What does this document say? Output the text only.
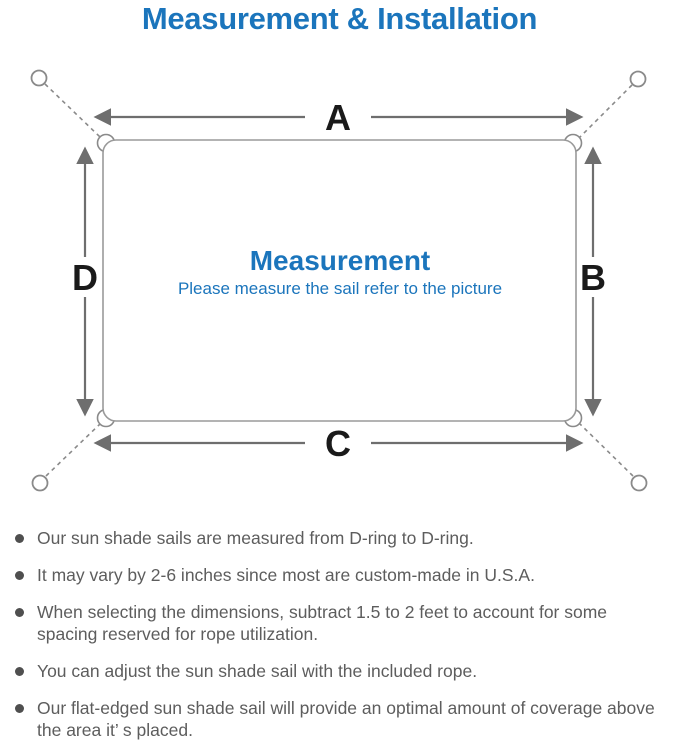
Measurement & Installation
A
B
C
D	Measurement
Please measure the sail refer to the picture
Our sun shade sails are measured from D-ring to D-ring.
It may vary by 2-6 inches since most are custom-made in U.S.A.
When selecting the dimensions, subtract 1.5 to 2 feet to account for some spacing reserved for rope utilization.
You can adjust the sun shade sail with the included rope.
Our flat-edged sun shade sail will provide an optimal amount of coverage above the area it’ s placed.
